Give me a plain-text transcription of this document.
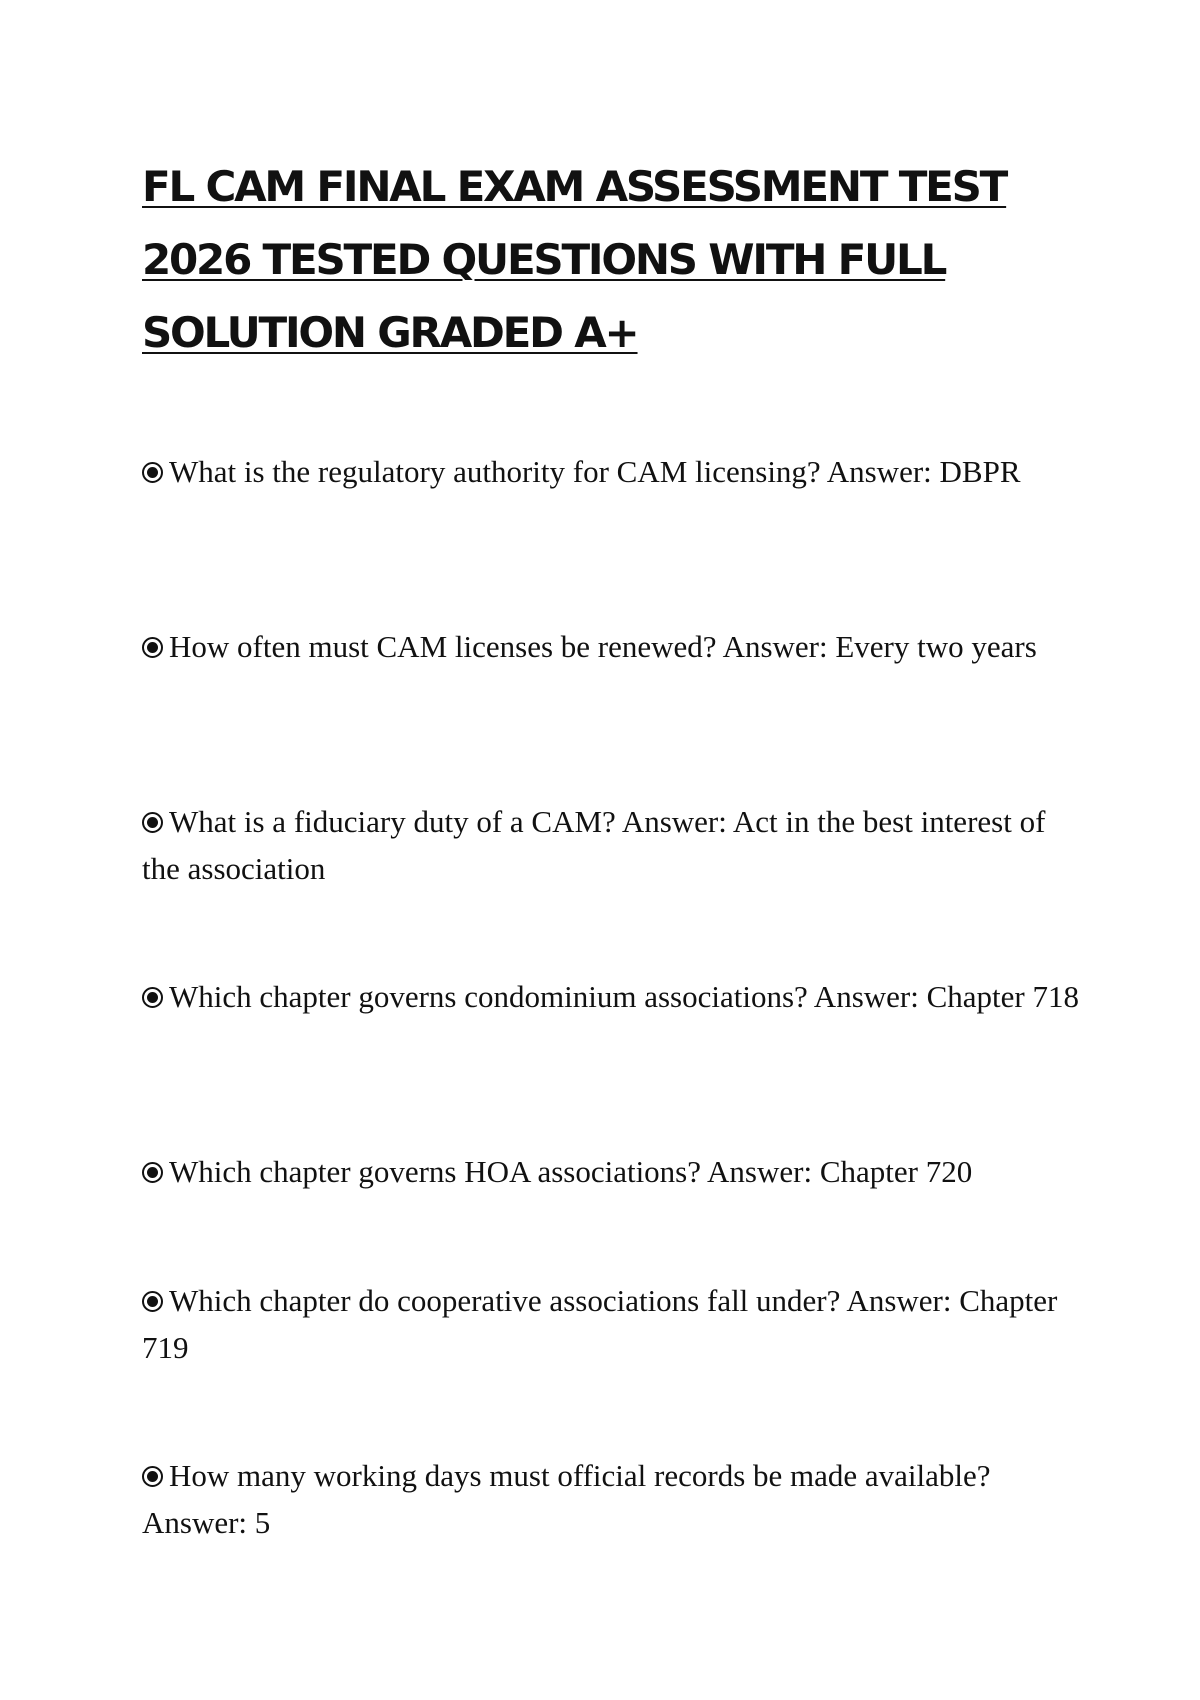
FL CAM FINAL EXAM ASSESSMENT TEST 2026 TESTED QUESTIONS WITH FULL SOLUTION GRADED A+
What is the regulatory authority for CAM licensing? Answer: DBPR
How often must CAM licenses be renewed? Answer: Every two years
What is a fiduciary duty of a CAM? Answer: Act in the best interest of the association
Which chapter governs condominium associations? Answer: Chapter 718
Which chapter governs HOA associations? Answer: Chapter 720
Which chapter do cooperative associations fall under? Answer: Chapter 719
How many working days must official records be made available? Answer: 5
